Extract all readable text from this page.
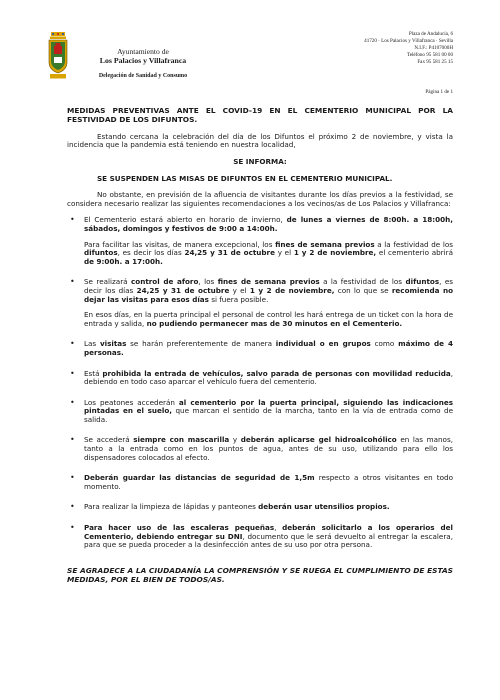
Ayuntamiento de
Los Palacios y Villafranca
Delegación de Sanidad y Consumo
Plaza de Andalucía, 6
41720 · Los Palacios y Villafranca · Sevilla
N.I.F.: P4107000H
Teléfono 95 581 00 00
Fax 95 581 25 15
Página 1 de 1

MEDIDAS PREVENTIVAS ANTE EL COVID-19 EN EL CEMENTERIO MUNICIPAL POR LA FESTIVIDAD DE LOS DIFUNTOS.

Estando cercana la celebración del día de los Difuntos el próximo 2 de noviembre, y vista la incidencia que la pandemia está teniendo en nuestra localidad,

SE INFORMA:
SE SUSPENDEN LAS MISAS DE DIFUNTOS EN EL CEMENTERIO MUNICIPAL.

No obstante, en previsión de la afluencia de visitantes durante los días previos a la festividad, se considera necesario realizar las siguientes recomendaciones a los vecinos/as de Los Palacios y Villafranca:

• El Cementerio estará abierto en horario de invierno, de lunes a viernes de 8:00h. a 18:00h, sábados, domingos y festivos de 9:00 a 14:00h.
Para facilitar las visitas, de manera excepcional, los fines de semana previos a la festividad de los difuntos, es decir los días 24,25 y 31 de octubre y el 1 y 2 de noviembre, el cementerio abrirá de 9:00h. a 17:00h.
• Se realizará control de aforo, los fines de semana previos a la festividad de los difuntos, es decir los días 24,25 y 31 de octubre y el 1 y 2 de noviembre, con lo que se recomienda no dejar las visitas para esos días si fuera posible.
En esos días, en la puerta principal el personal de control les hará entrega de un ticket con la hora de entrada y salida, no pudiendo permanecer mas de 30 minutos en el Cementerio.
• Las visitas se harán preferentemente de manera individual o en grupos como máximo de 4 personas.
• Está prohibida la entrada de vehículos, salvo parada de personas con movilidad reducida, debiendo en todo caso aparcar el vehículo fuera del cementerio.
• Los peatones accederán al cementerio por la puerta principal, siguiendo las indicaciones pintadas en el suelo, que marcan el sentido de la marcha, tanto en la vía de entrada como de salida.
• Se accederá siempre con mascarilla y deberán aplicarse gel hidroalcohólico en las manos, tanto a la entrada como en los puntos de agua, antes de su uso, utilizando para ello los dispensadores colocados al efecto.
• Deberán guardar las distancias de seguridad de 1,5m respecto a otros visitantes en todo momento.
• Para realizar la limpieza de lápidas y panteones deberán usar utensilios propios.
• Para hacer uso de las escaleras pequeñas, deberán solicitarlo a los operarios del Cementerio, debiendo entregar su DNI, documento que le será devuelto al entregar la escalera, para que se pueda proceder a la desinfección antes de su uso por otra persona.
SE AGRADECE A LA CIUDADANÍA LA COMPRENSIÓN Y SE RUEGA EL CUMPLIMIENTO DE ESTAS MEDIDAS, POR EL BIEN DE TODOS/AS.
